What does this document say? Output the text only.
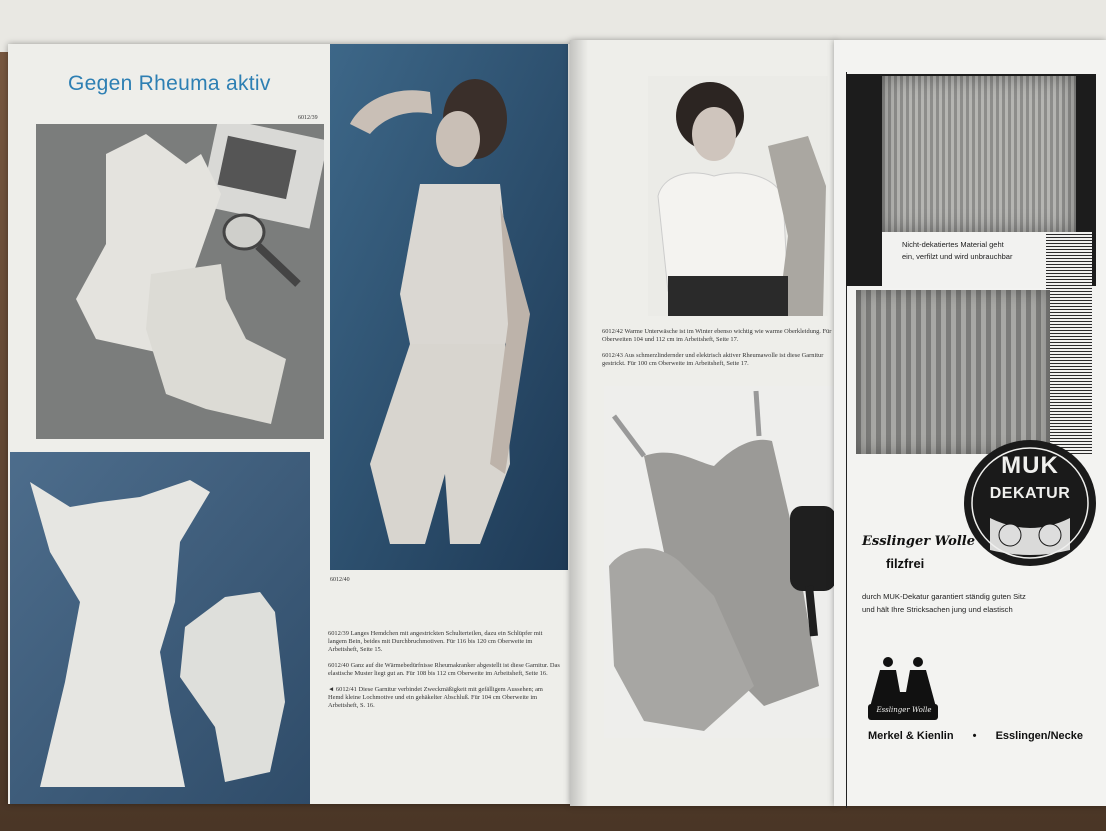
Gegen Rheuma aktiv
6012/39
6012/40

6012/39 Langes Hemdchen mit angestrickten Schulterteilen, dazu ein Schlüpfer mit langem Bein, beides mit Durchbruchmotiven. Für 116 bis 120 cm Oberweite im Arbeitsheft, Seite 15.

6012/40 Ganz auf die Wärmebedürfnisse Rheumakranker abgestellt ist diese Garnitur. Das elastische Muster liegt gut an. Für 108 bis 112 cm Oberweite im Arbeitsheft, Seite 16.

◄ 6012/41 Diese Garnitur verbindet Zweckmäßigkeit mit gefälligem Aussehen; am Hemd kleine Lochmotive und ein gehäkelter Abschluß. Für 104 cm Oberweite im Arbeitsheft, S. 16.

6012/42 Warme Unterwäsche ist im Winter ebenso wichtig wie warme Oberkleidung. Für Oberweiten 104 und 112 cm im Arbeitsheft, Seite 17.

6012/43 Aus schmerzlindernder und elektrisch aktiver Rheumawolle ist diese Garnitur gestrickt. Für 100 cm Oberweite im Arbeitsheft, Seite 17.

Nicht-dekatiertes Material geht
ein, verfilzt und wird unbrauchbar
MUK
DEKATUR
Esslinger Wolle
filzfrei
durch MUK-Dekatur garantiert ständig guten Sitz
und hält Ihre Stricksachen jung und elastisch
Esslinger Wolle
Merkel & Kienlin • Esslingen/Necke
